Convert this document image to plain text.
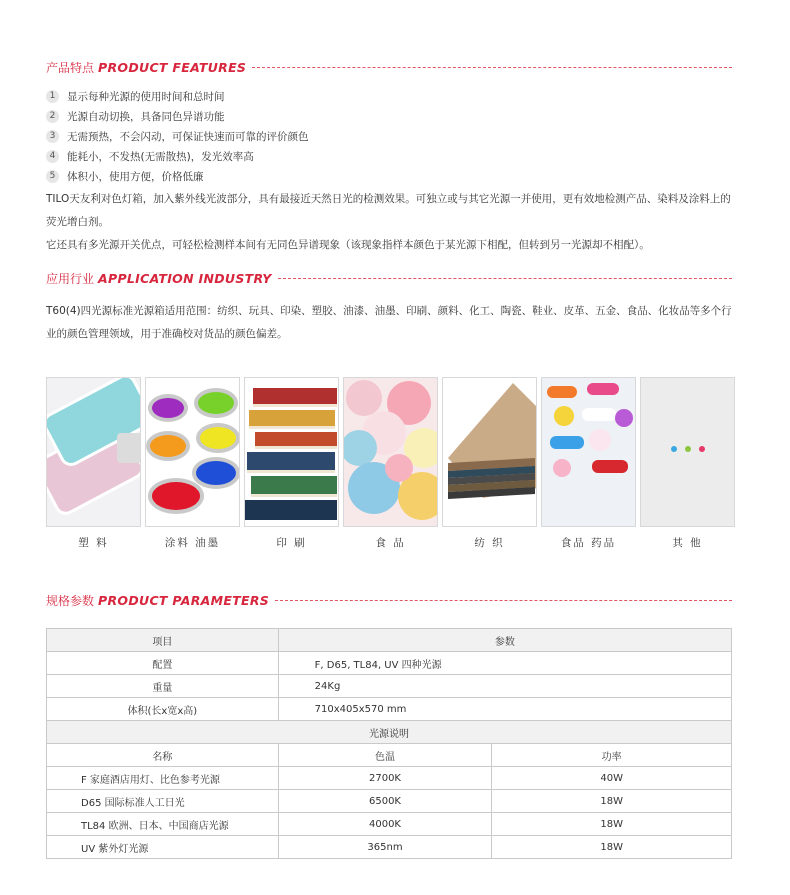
产品特点 PRODUCT FEATURES
1	显示每种光源的使用时间和总时间
2	光源自动切换，具备同色异谱功能
3	无需预热，不会闪动，可保证快速而可靠的评价颜色
4	能耗小，不发热(无需散热)，发光效率高
5	体积小，使用方便，价格低廉

TILO天友利对色灯箱，加入紫外线光波部分，具有最接近天然日光的检测效果。可独立或与其它光源一并使用，更有效地检测产品、染料及涂料上的荧光增白剂。

它还具有多光源开关优点，可轻松检测样本间有无同色异谱现象（该现象指样本颜色于某光源下相配，但转到另一光源却不相配）。

应用行业 APPLICATION INDUSTRY

T60(4)四光源标准光源箱适用范围：纺织、玩具、印染、塑胶、油漆、油墨、印刷、颜料、化工、陶瓷、鞋业、皮革、五金、食品、化妆品等多个行业的颜色管理领域，用于准确校对货品的颜色偏差。

塑 料	涂料 油墨	印 刷	食 品	纺 织	食品 药品	其 他
规格参数 PRODUCT PARAMETERS
项目	参数	
配置	F, D65, TL84, UV 四种光源	
重量	24Kg	
体积(长x宽x高)	710x405x570 mm	
光源说明		
名称	色温	功率
F 家庭酒店用灯、比色参考光源	2700K	40W
D65 国际标准人工日光	6500K	18W
TL84 欧洲、日本、中国商店光源	4000K	18W
UV 紫外灯光源	365nm	18W
